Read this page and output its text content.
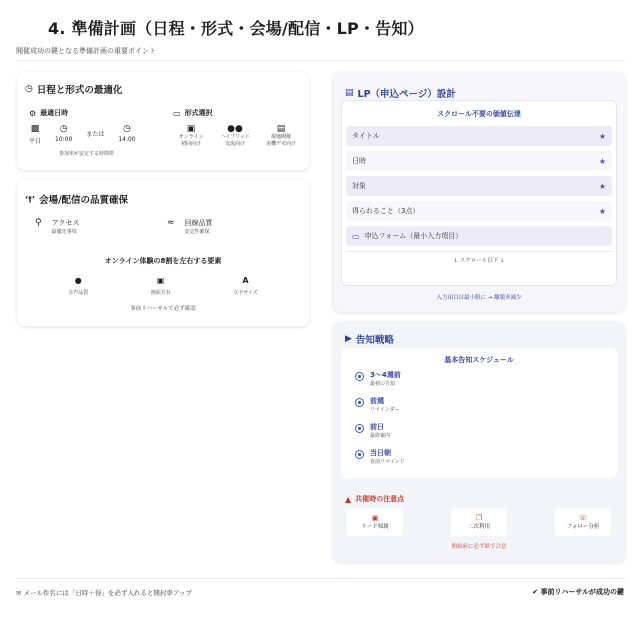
4. 準備計画（日程・形式・会場/配信・LP・告知）
開催成功の鍵となる準備計画の重要ポイント
◷ 日程と形式の最適化
⚙ 最適日時
▩
平日
◷
10:00
または
◷
14:00
参加率が安定する時間帯
▭ 形式選択
▣
オンライン
初回向け
●●
ハイブリッド
交流向け
▤
現地開催
実機デモ向け
‘†’ 会場/配信の品質確保
⚲ アクセス
最優先事項
≈ 回線品質
安定性確保
オンライン体験の8割を左右する要素
●
音声品質
▣
画面共有
A
文字サイズ
事前リハーサルで必ず確認
▤ LP（申込ページ）設計
スクロール不要の価値伝達
タイトル	★
日時	★
対象	★
得られること（3点）	★
▭ 申込フォーム（最小入力項目）
↓ スクロール以下 ↓
入力項目は最小限に → 離脱率減少
▶ 告知戦略
基本告知スケジュール
3〜4週前
最初の告知
前週
リマインダー
前日
最終案内
当日朝
直前リマインド
▲ 共催時の注意点
▣
リード帰属
❐
二次利用
☏
フォロー分担
開始前に必ず紙で合意
✉ メール件名には「日時＋得」を必ず入れると開封率アップ	✔ 事前リハーサルが成功の鍵
